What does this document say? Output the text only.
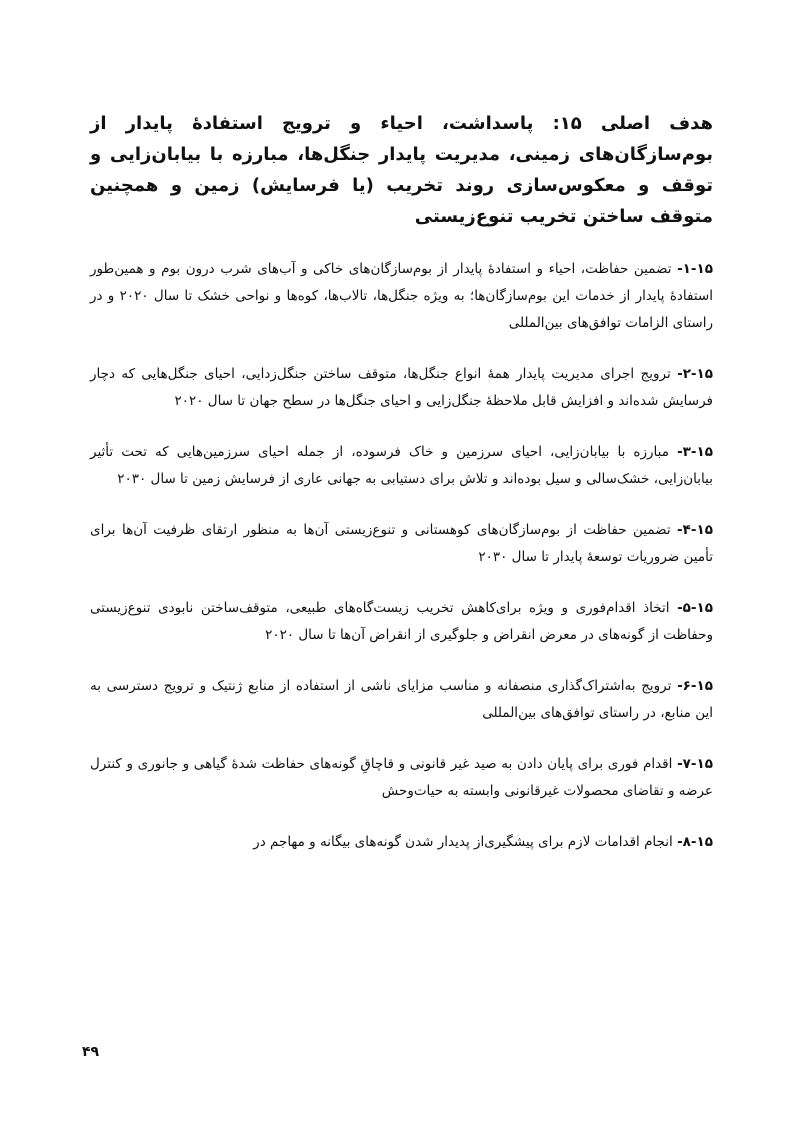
هدف اصلی ۱۵: پاسداشت، احیاء و ترویج استفادهٔ پایدار از بوم‌سازگان‌های زمینی، مدیریت پایدار جنگل‌ها، مبارزه با بیابان‌زایی و توقف و معکوس‌سازی روند تخریب (یا فرسایش) زمین و همچنین متوقف ساختن تخریب تنوع‌زیستی

۱-۱۵- تضمین حفاظت، احیاء و استفادهٔ پایدار از بوم‌سازگان‌های خاکی و آب‌های شرب درون بوم و همین‌طور استفادهٔ پایدار از خدمات این بوم‌سازگان‌ها؛ به ویژه جنگل‌ها، تالاب‌ها، کوه‌ها و نواحی خشک تا سال ۲۰۲۰ و در راستای الزامات توافق‌های بین‌المللی

۲-۱۵- ترویج اجرای مدیریت پایدار همهٔ انواع جنگل‌ها، متوقف ساختن جنگل‌زدایی، احیای جنگل‌هایی که دچار فرسایش شده‌اند و افزایش قابل ملاحظهٔ جنگل‌زایی و احیای جنگل‌ها در سطح جهان تا سال ۲۰۲۰

۳-۱۵- مبارزه با بیابان‌زایی، احیای سرزمین و خاک فرسوده، از جمله احیای سرزمین‌هایی که تحت تأثیر بیابان‌زایی، خشک‌سالی و سیل بوده‌اند و تلاش برای دستیابی به جهانی عاری از فرسایش زمین تا سال ۲۰۳۰

۴-۱۵- تضمین حفاظت از بوم‌سازگان‌های کوهستانی و تنوع‌زیستی آن‌ها به منظور ارتقای ظرفیت آن‌ها برای تأمین ضروریات توسعهٔ پایدار تا سال ۲۰۳۰

۵-۱۵- اتخاذ اقدام‌فوری و ویژه برای‌کاهش تخریب زیست‌گاه‌های طبیعی، متوقف‌ساختن نابودی تنوع‌زیستی وحفاظت از گونه‌های در معرض انقراض و جلوگیری از انقراض آن‌ها تا سال ۲۰۲۰

۶-۱۵- ترویج به‌اشتراک‌گذاری منصفانه و مناسب مزایای ناشی از استفاده از منابع ژنتیک و ترویج دسترسی به این منابع، در راستای توافق‌های بین‌المللی

۷-۱۵- اقدام فوری برای پایان دادن به صید غیر قانونی و قاچاقِ گونه‌های حفاظت شدهٔ گیاهی و جانوری و کنترل عرضه و تقاضای محصولات غیرقانونی وابسته به حیات‌وحش

۸-۱۵- انجام اقدامات لازم برای پیشگیری‌از پدیدار شدن گونه‌های بیگانه و مهاجم در

۴۹
